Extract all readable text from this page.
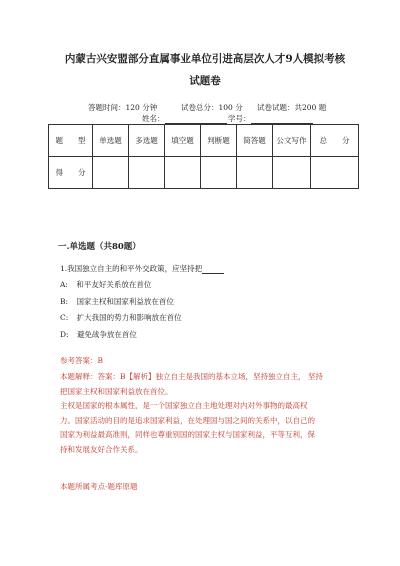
内蒙古兴安盟部分直属事业单位引进高层次人才9人模拟考核试题卷
答题时间：120 分钟	试卷总分：100 分 试卷试题：共200 题
姓名：	学号：
题　　型	单选题	多选题	填空题	判断题	简答题	公文写作	总　　分
得　　分							
一.单选题（共80题）
1.我国独立自主的和平外交政策，应坚持把
A: 和平友好关系放在首位
B: 国家主权和国家利益放在首位
C: 扩大我国的势力和影响放在首位
D: 避免战争放在首位
参考答案：B
本题解释：答案：B【解析】独立自主是我国的基本立场，坚持独立自主， 坚持
把国家主权和国家利益放在首位。
主权是国家的根本属性，是一个国家独立自主地处理对内对外事物的最高权
力。国家活动的目的是追求国家利益，在处理国与国之间的关系中，以自己的
国家为利益最高准则，同样也尊重别国的国家主权与国家利益，平等互利，保
持和发展友好合作关系。
本题所属考点-题库原题
